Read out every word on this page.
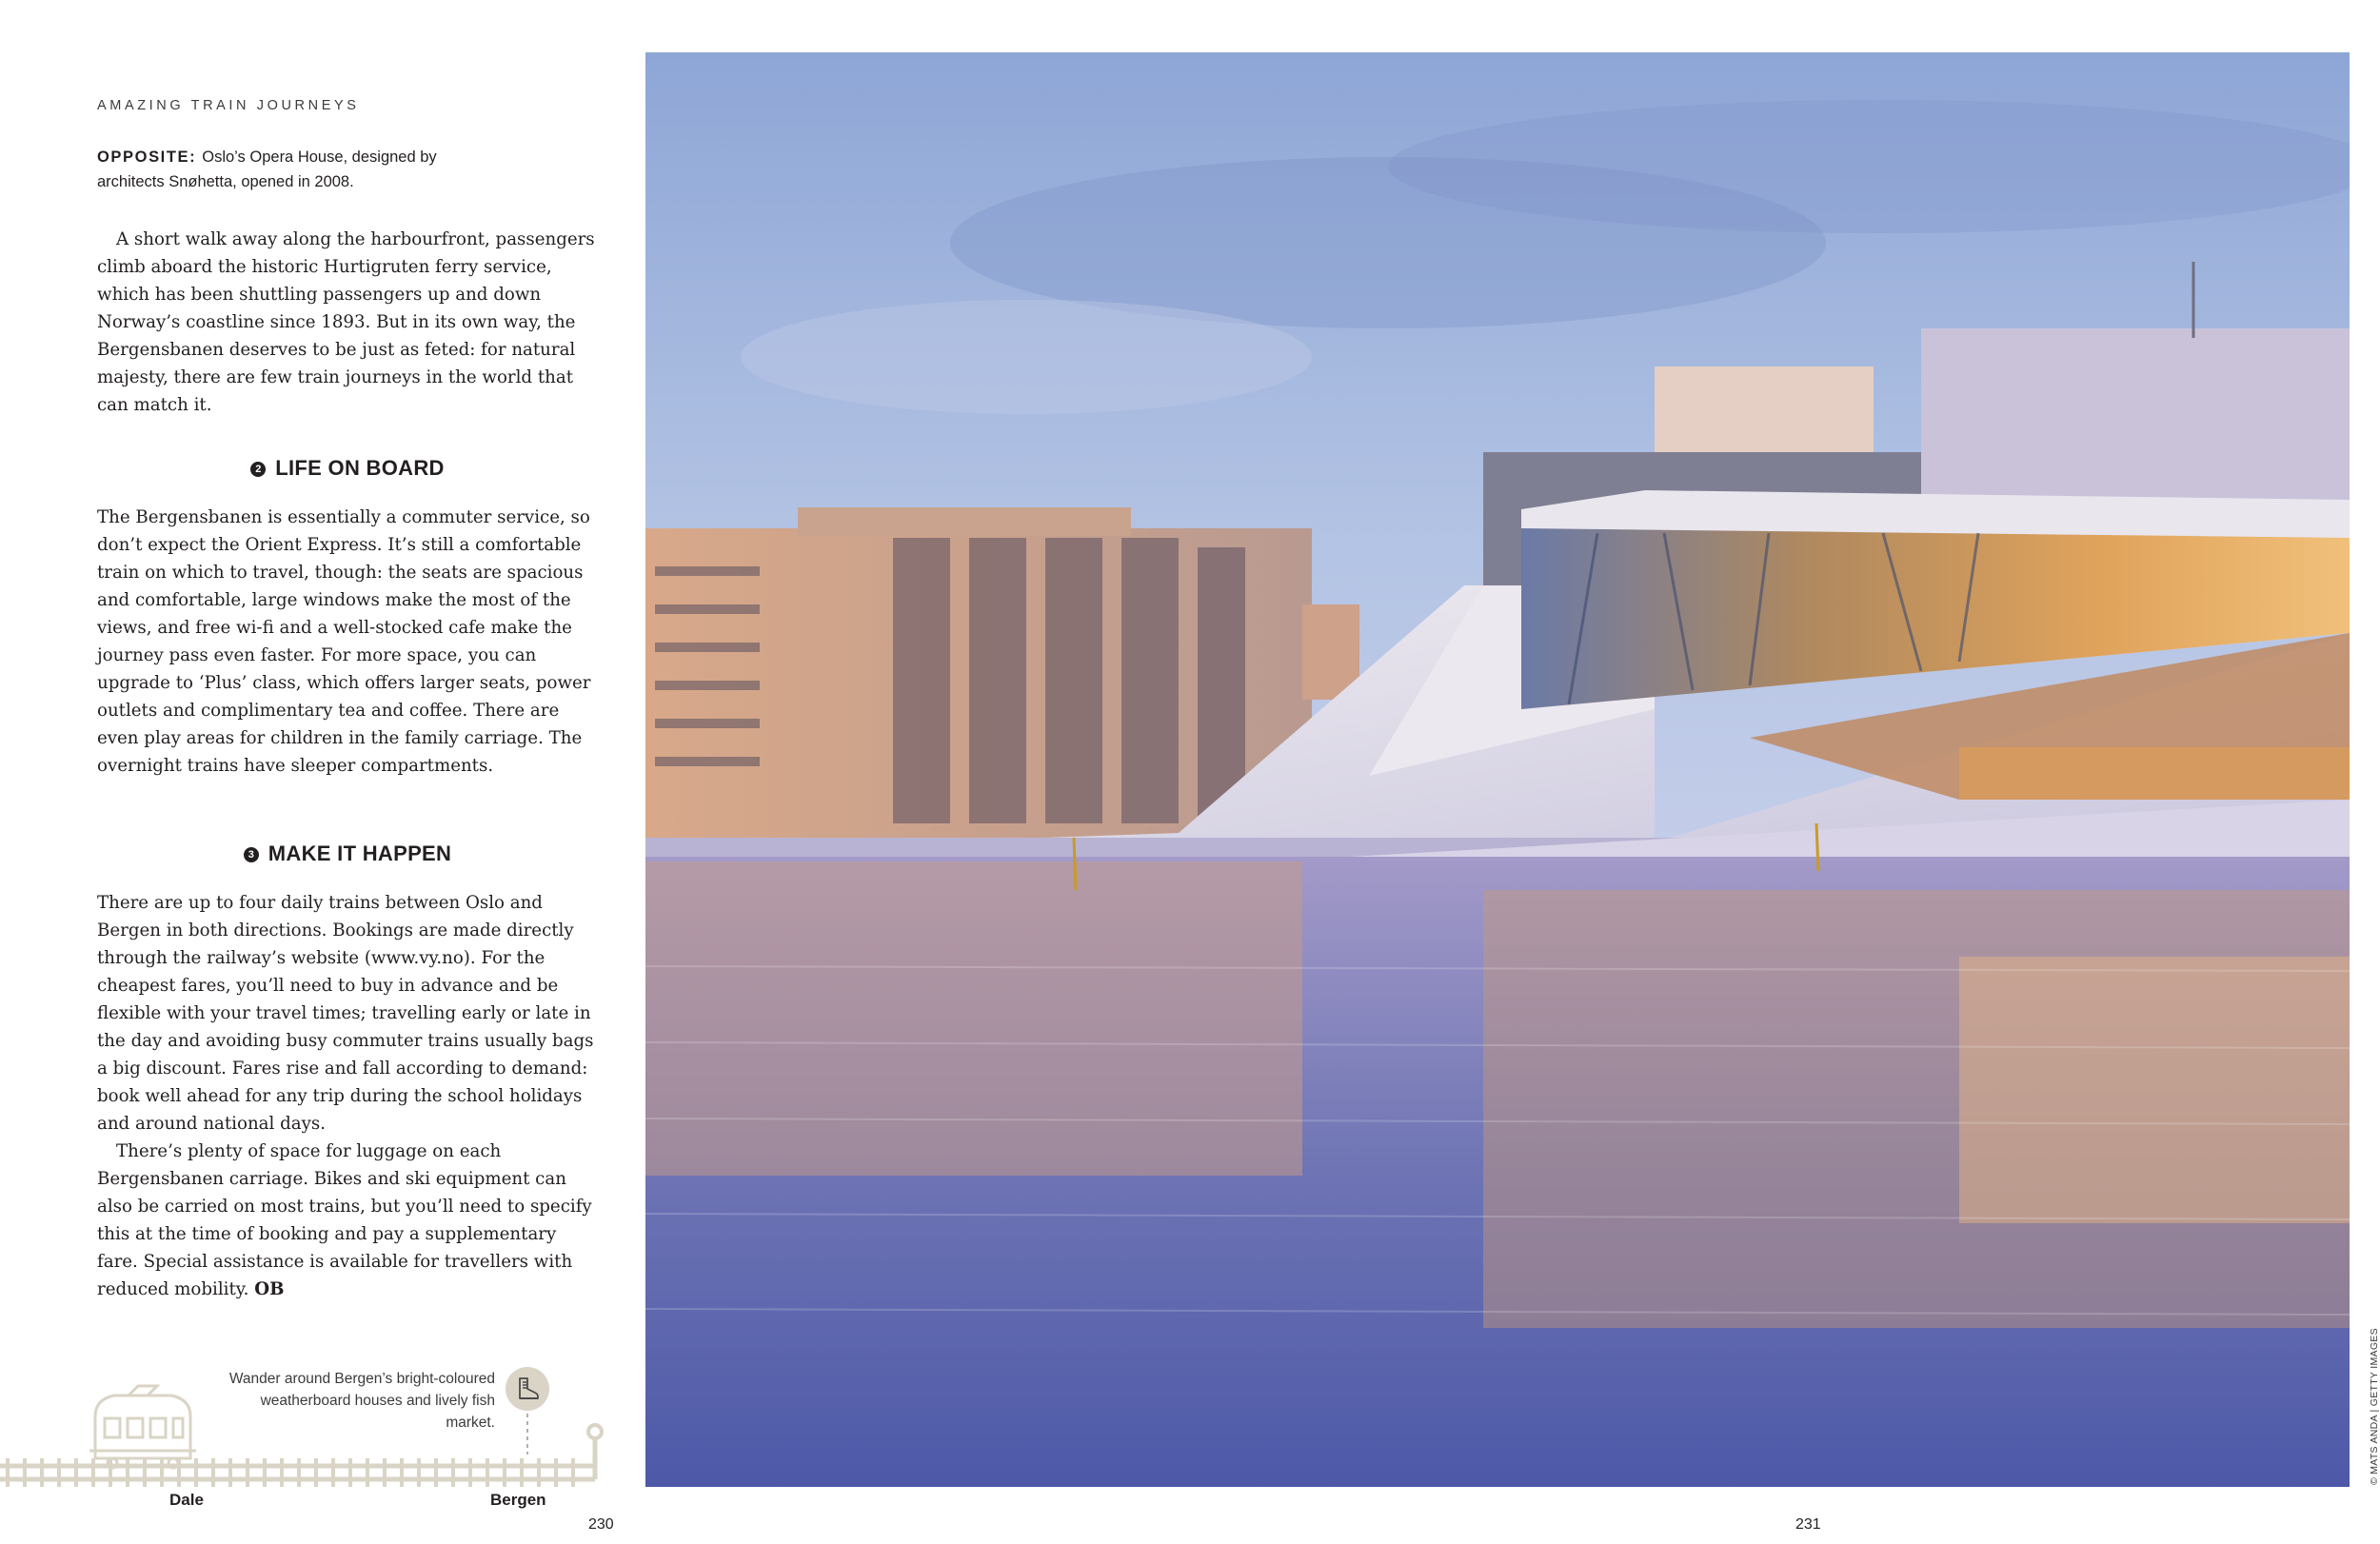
AMAZING TRAIN JOURNEYS
OPPOSITE: Oslo’s Opera House, designed by architects Snøhetta, opened in 2008.

A short walk away along the harbourfront, passengers climb aboard the historic Hurtigruten ferry service, which has been shuttling passengers up and down Norway’s coastline since 1893. But in its own way, the Bergensbanen deserves to be just as feted: for natural majesty, there are few train journeys in the world that can match it.

2 LIFE ON BOARD

The Bergensbanen is essentially a commuter service, so don’t expect the Orient Express. It’s still a comfortable train on which to travel, though: the seats are spacious and comfortable, large windows make the most of the views, and free wi-fi and a well-stocked cafe make the journey pass even faster. For more space, you can upgrade to ‘Plus’ class, which offers larger seats, power outlets and complimentary tea and coffee. There are even play areas for children in the family carriage. The overnight trains have sleeper compartments.

3 MAKE IT HAPPEN

There are up to four daily trains between Oslo and Bergen in both directions. Bookings are made directly through the railway’s website (www.vy.no). For the cheapest fares, you’ll need to buy in advance and be flexible with your travel times; travelling early or late in the day and avoiding busy commuter trains usually bags a big discount. Fares rise and fall according to demand: book well ahead for any trip during the school holidays and around national days.

There’s plenty of space for luggage on each Bergensbanen carriage. Bikes and ski equipment can also be carried on most trains, but you’ll need to specify this at the time of booking and pay a supplementary fare. Special assistance is available for travellers with reduced mobility. OB

Wander around Bergen’s bright-coloured weatherboard houses and lively fish market.
Dale	Bergen
230
© MATS ANDA | GETTY IMAGES
231
